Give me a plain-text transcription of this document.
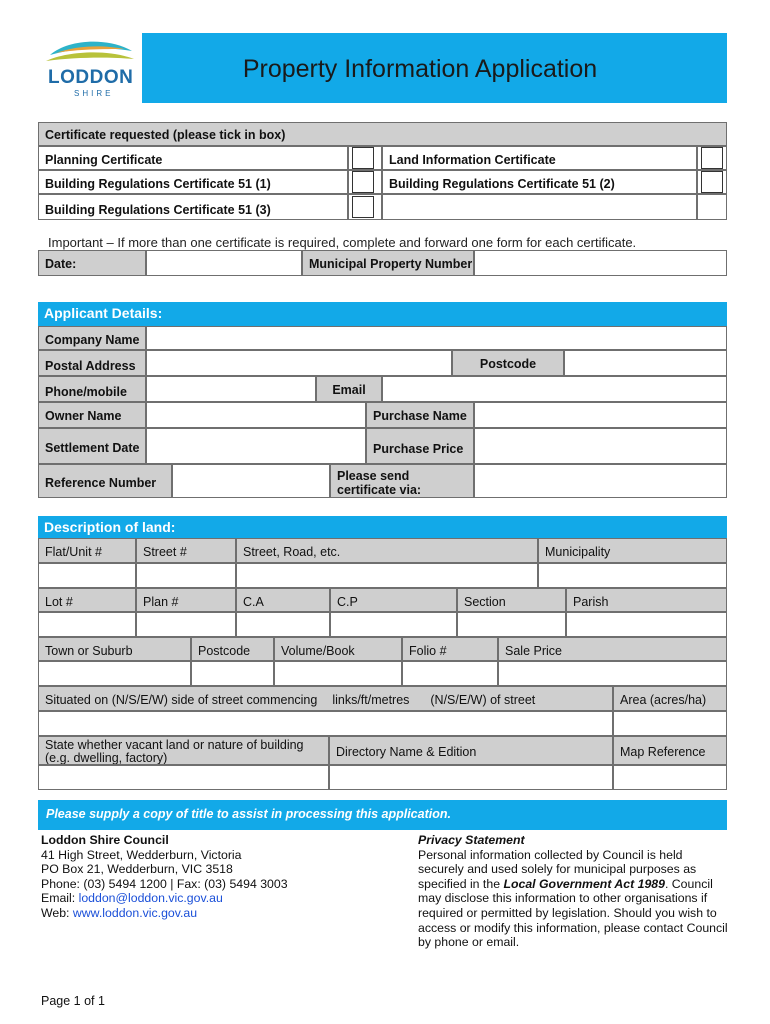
LODDON
SHIRE
Property Information Application
Certificate requested (please tick in box)
Planning Certificate	Land Information Certificate
Building Regulations Certificate 51 (1)	Building Regulations Certificate 51 (2)
Building Regulations Certificate 51 (3)
Important – If more than one certificate is required, complete and forward one form for each certificate.
Date:	Municipal Property Number
Applicant Details:
Company Name
Postal Address	Postcode
Phone/mobile	Email
Owner Name	Purchase Name
Settlement Date	Purchase Price
Reference Number	Please send certificate via:
Description of land:
Flat/Unit #	Street #	Street, Road, etc.	Municipality
Lot #	Plan #	C.A	C.P	Section	Parish
Town or Suburb	Postcode	Volume/Book	Folio #	Sale Price
Situated on (N/S/E/W) side of street commencing links/ft/metres (N/S/E/W) of street	Area (acres/ha)
State whether vacant land or nature of building (e.g. dwelling, factory)	Directory Name & Edition	Map Reference
Please supply a copy of title to assist in processing this application.
Loddon Shire Council
41 High Street, Wedderburn, Victoria
PO Box 21, Wedderburn, VIC 3518
Phone: (03) 5494 1200 | Fax: (03) 5494 3003
Email: loddon@loddon.vic.gov.au
Web: www.loddon.vic.gov.au
Privacy Statement
Personal information collected by Council is held securely and used solely for municipal purposes as specified in the Local Government Act 1989. Council may disclose this information to other organisations if required or permitted by legislation. Should you wish to access or modify this information, please contact Council by phone or email.
Page 1 of 1
